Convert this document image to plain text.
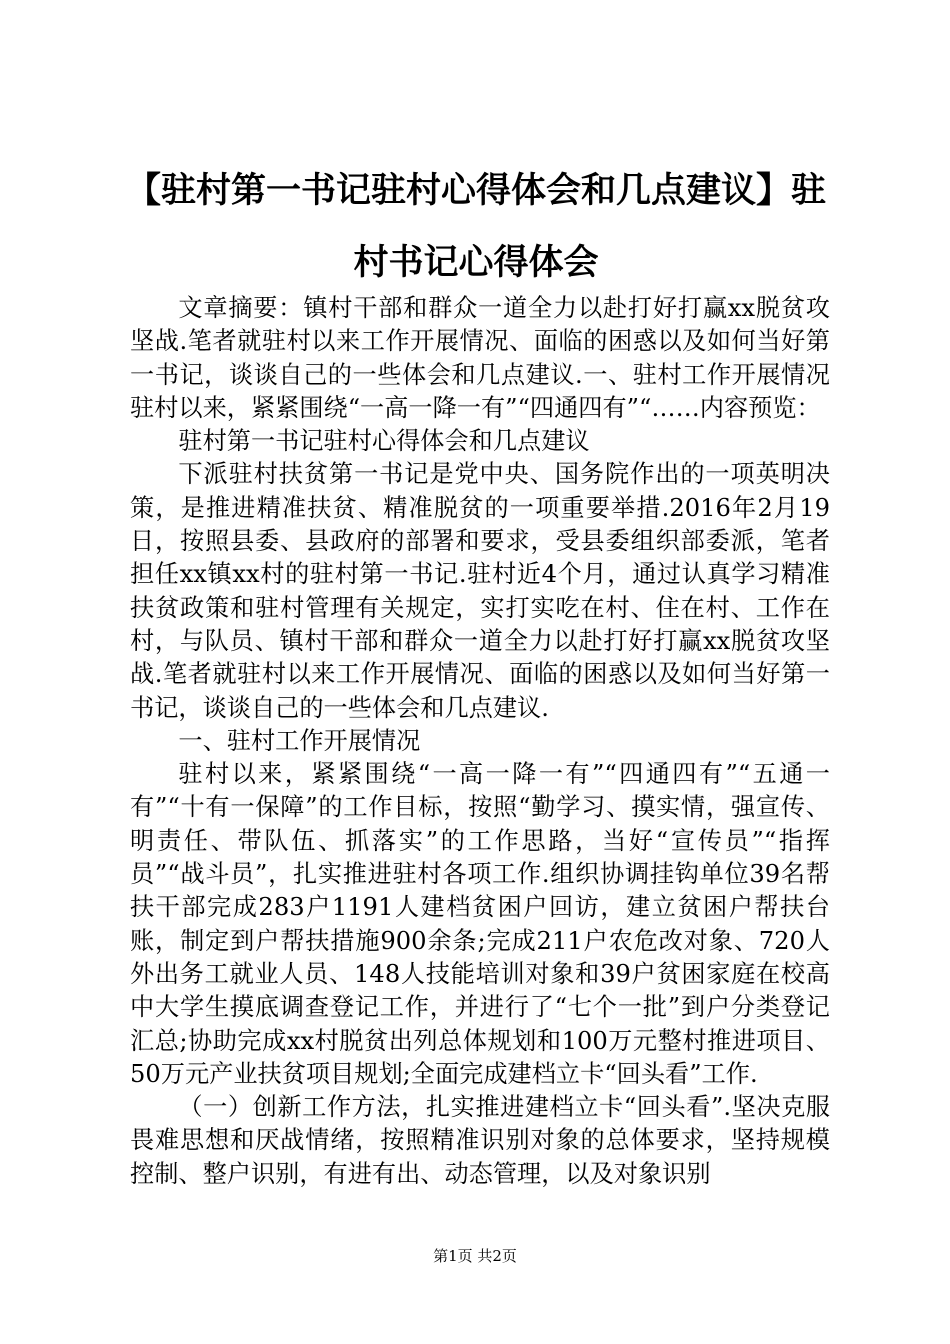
【驻村第一书记驻村心得体会和几点建议】驻村书记心得体会

文章摘要：镇村干部和群众一道全力以赴打好打赢xx脱贫攻坚战.笔者就驻村以来工作开展情况、面临的困惑以及如何当好第一书记，谈谈自己的一些体会和几点建议.一、驻村工作开展情况驻村以来，紧紧围绕“一高一降一有”“四通四有”“……内容预览：

驻村第一书记驻村心得体会和几点建议

下派驻村扶贫第一书记是党中央、国务院作出的一项英明决策，是推进精准扶贫、精准脱贫的一项重要举措.2016年2月19日，按照县委、县政府的部署和要求，受县委组织部委派，笔者担任xx镇xx村的驻村第一书记.驻村近4个月，通过认真学习精准扶贫政策和驻村管理有关规定，实打实吃在村、住在村、工作在村，与队员、镇村干部和群众一道全力以赴打好打赢xx脱贫攻坚战.笔者就驻村以来工作开展情况、面临的困惑以及如何当好第一书记，谈谈自己的一些体会和几点建议.

一、驻村工作开展情况

驻村以来，紧紧围绕“一高一降一有”“四通四有”“五通一有”“十有一保障”的工作目标，按照“勤学习、摸实情，强宣传、明责任、带队伍、抓落实”的工作思路，当好“宣传员”“指挥员”“战斗员”，扎实推进驻村各项工作.组织协调挂钩单位39名帮扶干部完成283户1191人建档贫困户回访，建立贫困户帮扶台账，制定到户帮扶措施900余条;完成211户农危改对象、720人外出务工就业人员、148人技能培训对象和39户贫困家庭在校高中大学生摸底调查登记工作，并进行了“七个一批”到户分类登记汇总;协助完成xx村脱贫出列总体规划和100万元整村推进项目、50万元产业扶贫项目规划;全面完成建档立卡“回头看”工作.

（一）创新工作方法，扎实推进建档立卡“回头看”.坚决克服畏难思想和厌战情绪，按照精准识别对象的总体要求，坚持规模控制、整户识别，有进有出、动态管理，以及对象识别

第1页 共2页
